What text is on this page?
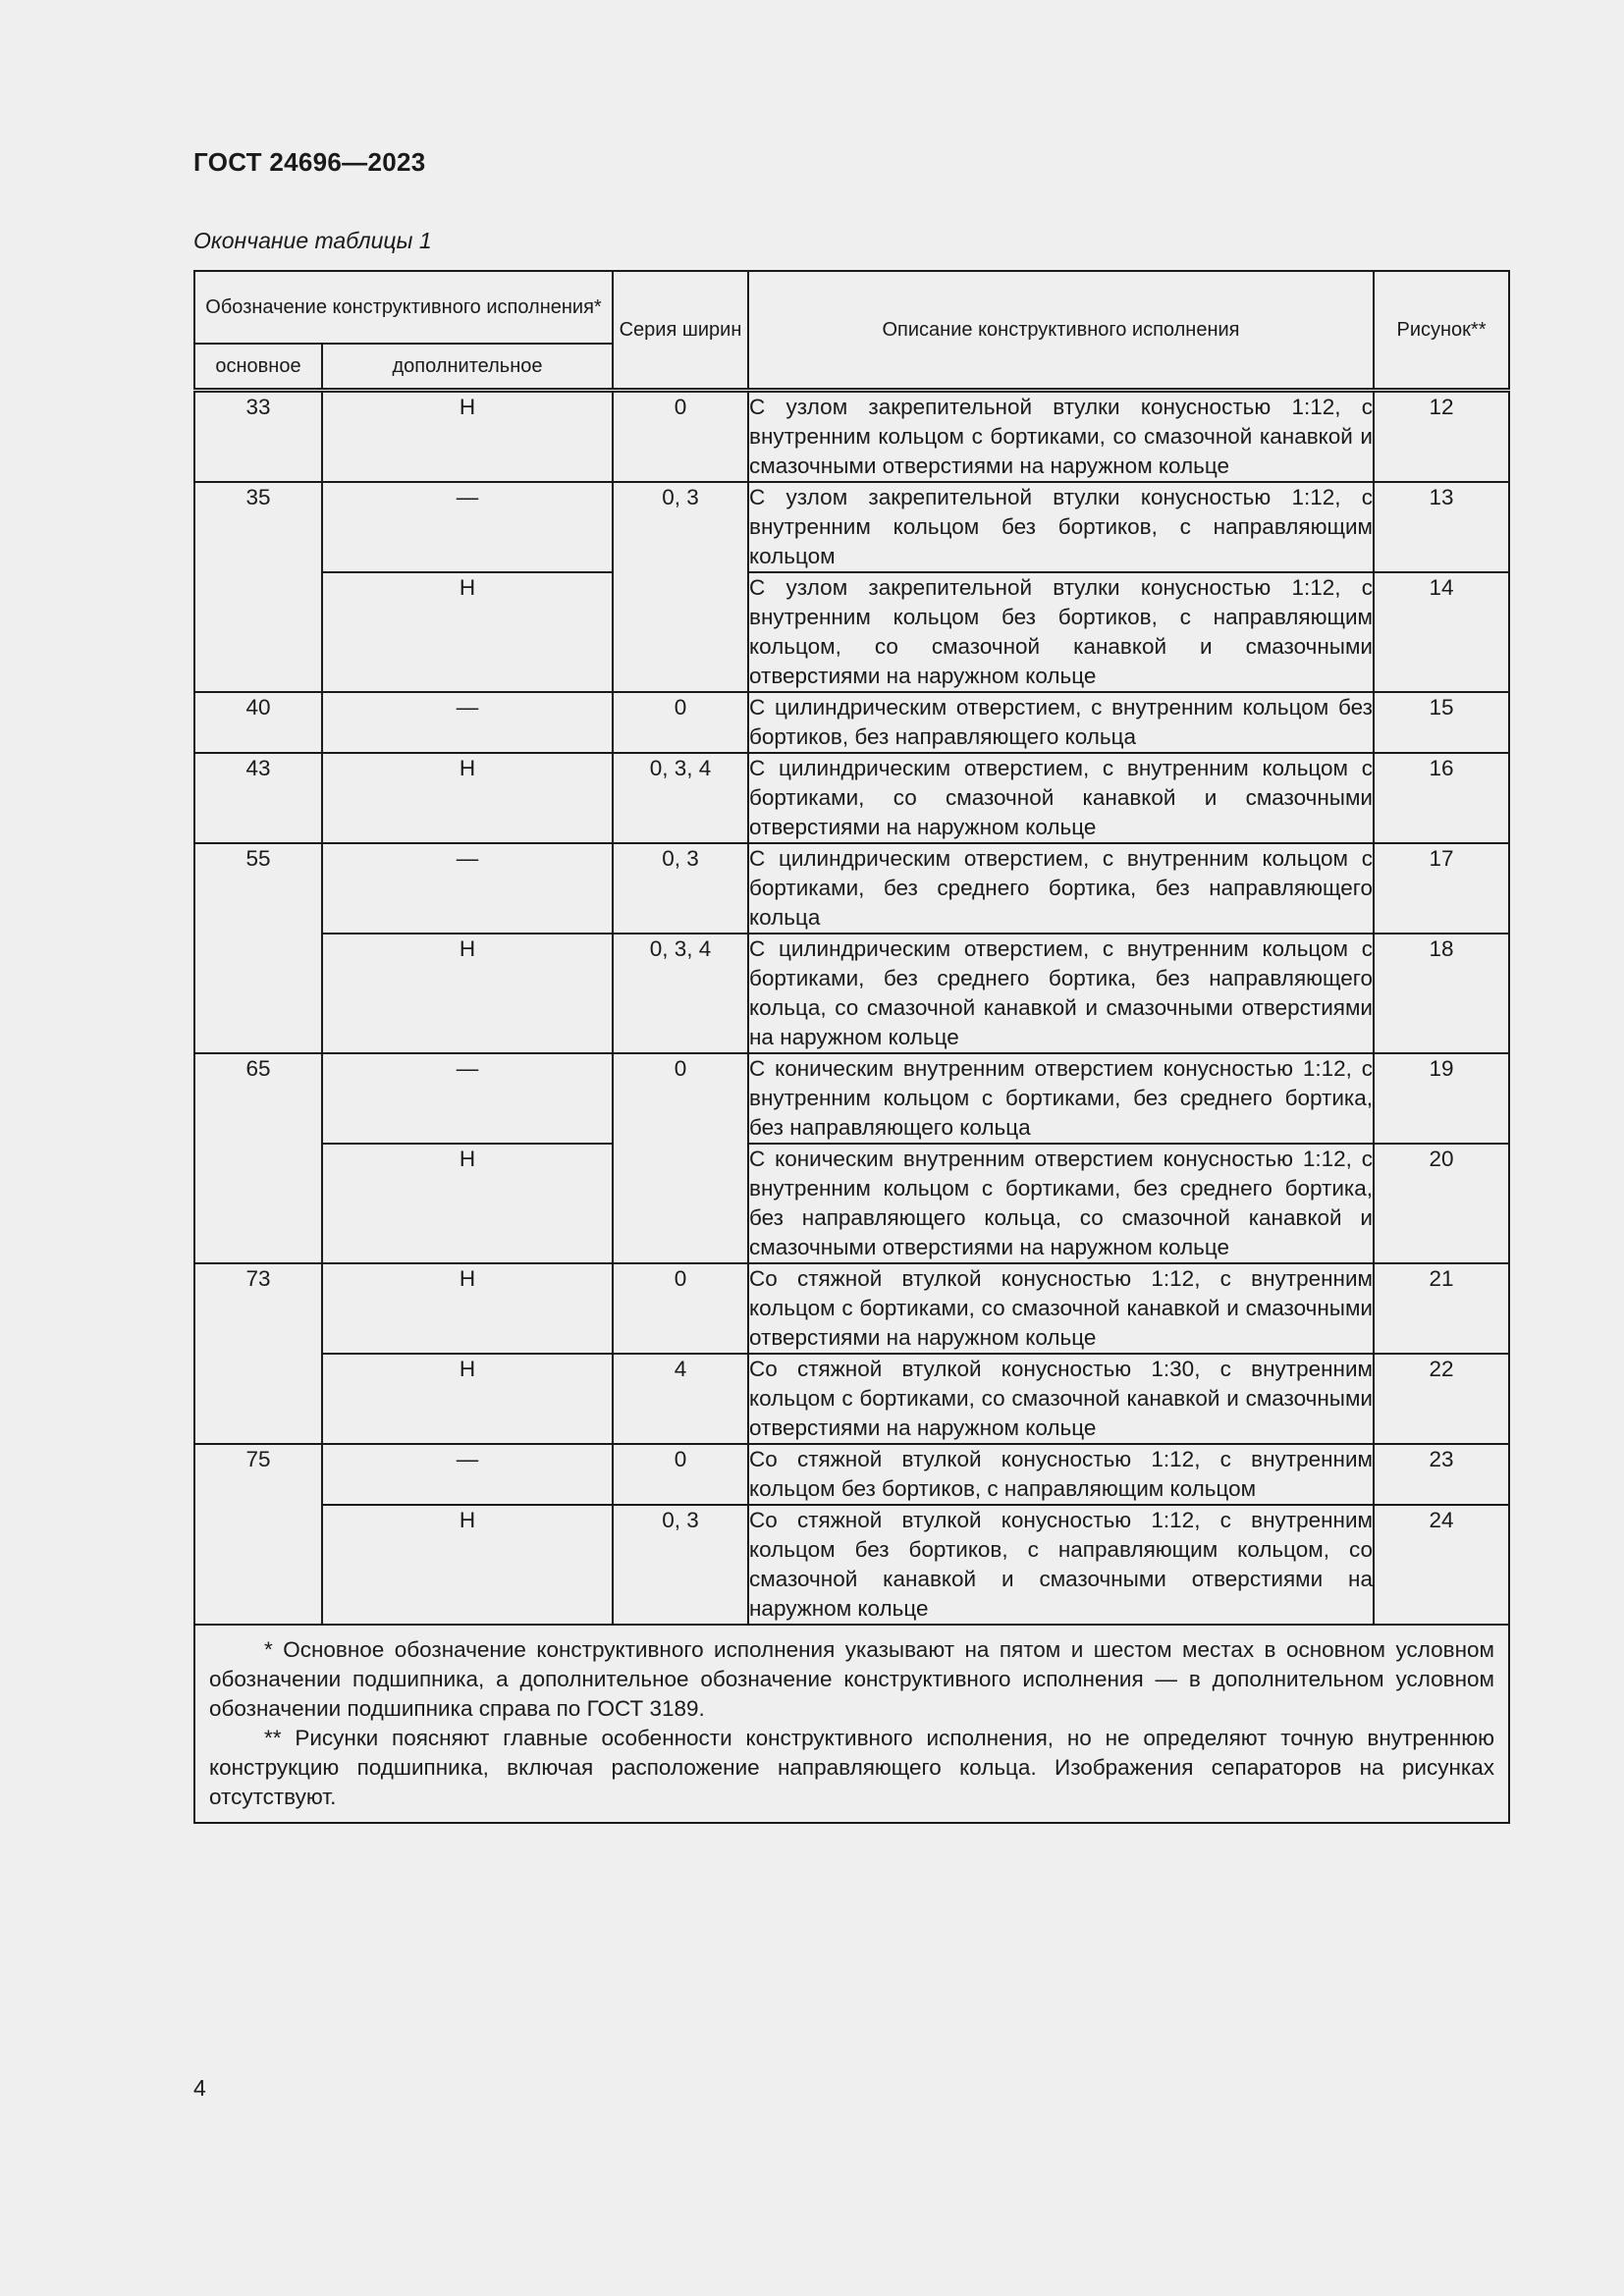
ГОСТ 24696—2023
Окончание таблицы 1
Обозначение конструктивного исполнения*		Серия ширин	Описание конструктивного исполнения	Рисунок**
основное	дополнительное			
33	Н	0	С узлом закрепительной втулки конусностью 1:12, с внутренним кольцом с бортиками, со смазочной канавкой и смазочными отверстиями на наружном кольце	12
35	—	0, 3	С узлом закрепительной втулки конусностью 1:12, с внутренним кольцом без бортиков, с направляющим кольцом	13
	Н		С узлом закрепительной втулки конусностью 1:12, с внутренним кольцом без бортиков, с направляющим кольцом, со смазочной канавкой и смазочными отверстиями на наружном кольце	14
40	—	0	С цилиндрическим отверстием, с внутренним кольцом без бортиков, без направляющего кольца	15
43	Н	0, 3, 4	С цилиндрическим отверстием, с внутренним кольцом с бортиками, со смазочной канавкой и смазочными отверстиями на наружном кольце	16
55	—	0, 3	С цилиндрическим отверстием, с внутренним кольцом с бортиками, без среднего бортика, без направляющего кольца	17
	Н	0, 3, 4	С цилиндрическим отверстием, с внутренним кольцом с бортиками, без среднего бортика, без направляющего кольца, со смазочной канавкой и смазочными отверстиями на наружном кольце	18
65	—	0	С коническим внутренним отверстием конусностью 1:12, с внутренним кольцом с бортиками, без среднего бортика, без направляющего кольца	19
	Н		С коническим внутренним отверстием конусностью 1:12, с внутренним кольцом с бортиками, без среднего бортика, без направляющего кольца, со смазочной канавкой и смазочными отверстиями на наружном кольце	20
73	Н	0	Со стяжной втулкой конусностью 1:12, с внутренним кольцом с бортиками, со смазочной канавкой и смазочными отверстиями на наружном кольце	21
	Н	4	Со стяжной втулкой конусностью 1:30, с внутренним кольцом с бортиками, со смазочной канавкой и смазочными отверстиями на наружном кольце	22
75	—	0	Со стяжной втулкой конусностью 1:12, с внутренним кольцом без бортиков, с направляющим кольцом	23
	Н	0, 3	Со стяжной втулкой конусностью 1:12, с внутренним кольцом без бортиков, с направляющим кольцом, со смазочной канавкой и смазочными отверстиями на наружном кольце	24

* Основное обозначение конструктивного исполнения указывают на пятом и шестом местах в основном условном обозначении подшипника, а дополнительное обозначение конструктивного исполнения — в дополнительном условном обозначении подшипника справа по ГОСТ 3189.

** Рисунки поясняют главные особенности конструктивного исполнения, но не определяют точную внутреннюю конструкцию подшипника, включая расположение направляющего кольца. Изображения сепараторов на рисунках отсутствуют.				

4
